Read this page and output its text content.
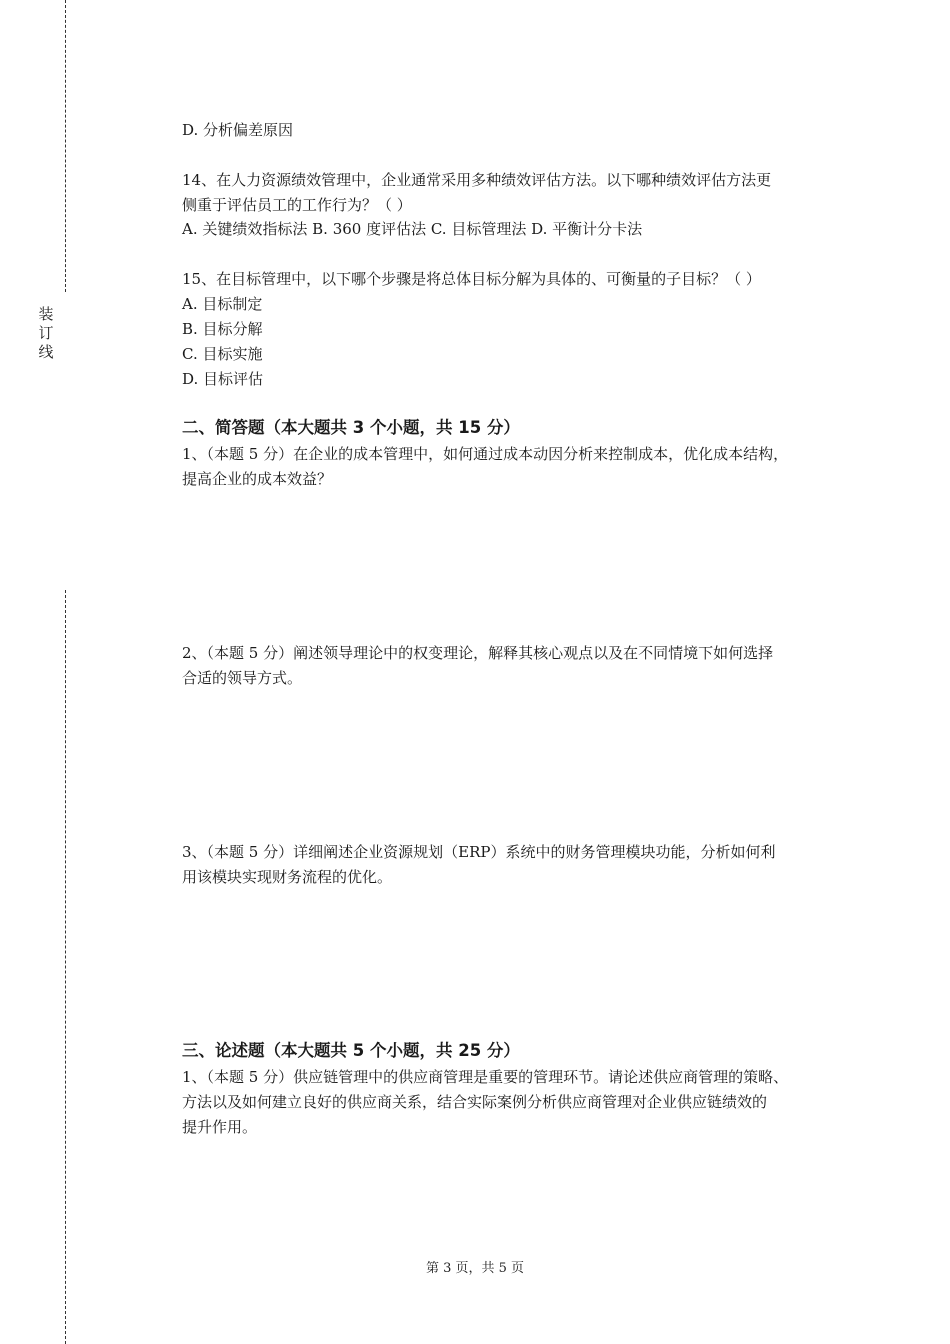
装
订
线
D. 分析偏差原因
14、在人力资源绩效管理中，企业通常采用多种绩效评估方法。以下哪种绩效评估方法更
侧重于评估员工的工作行为？（ ）
A. 关键绩效指标法 B. 360 度评估法 C. 目标管理法 D. 平衡计分卡法
15、在目标管理中，以下哪个步骤是将总体目标分解为具体的、可衡量的子目标？（ ）
A. 目标制定
B. 目标分解
C. 目标实施
D. 目标评估
二、简答题（本大题共 3 个小题，共 15 分）
1、（本题 5 分）在企业的成本管理中，如何通过成本动因分析来控制成本，优化成本结构，
提高企业的成本效益？
2、（本题 5 分）阐述领导理论中的权变理论，解释其核心观点以及在不同情境下如何选择
合适的领导方式。
3、（本题 5 分）详细阐述企业资源规划（ERP）系统中的财务管理模块功能，分析如何利
用该模块实现财务流程的优化。
三、论述题（本大题共 5 个小题，共 25 分）
1、（本题 5 分）供应链管理中的供应商管理是重要的管理环节。请论述供应商管理的策略、
方法以及如何建立良好的供应商关系，结合实际案例分析供应商管理对企业供应链绩效的
提升作用。
第 3 页，共 5 页
